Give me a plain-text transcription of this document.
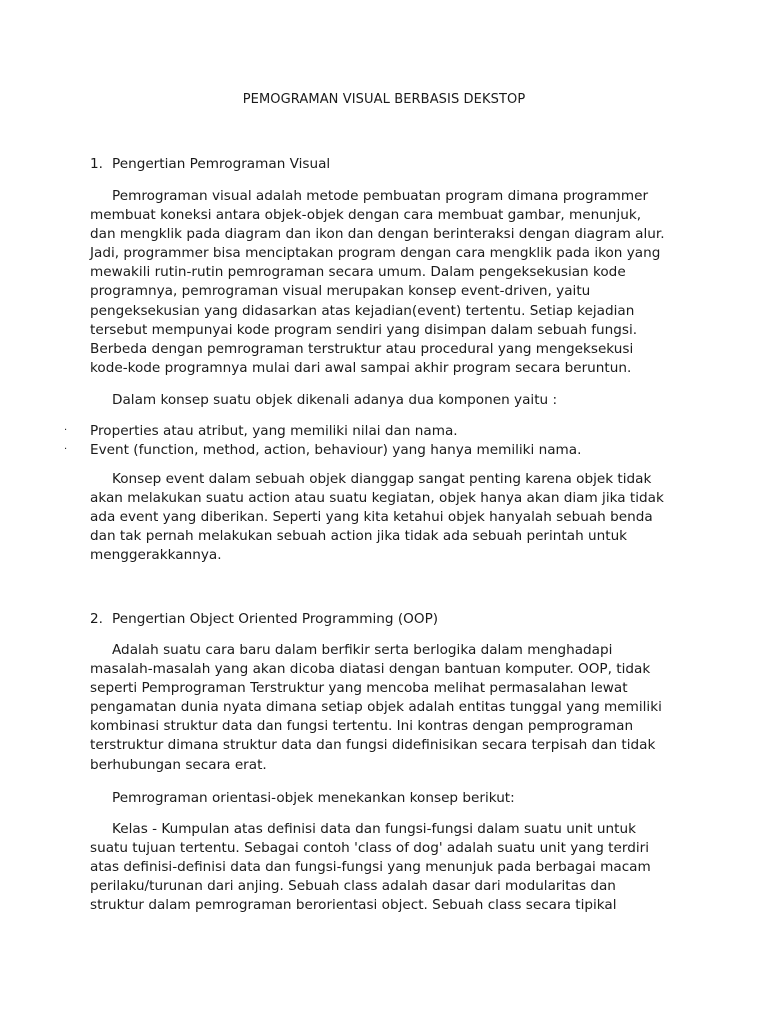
PEMOGRAMAN VISUAL BERBASIS DEKSTOP
1. Pengertian Pemrograman Visual
Pemrograman visual adalah metode pembuatan program dimana programmer
membuat koneksi antara objek-objek dengan cara membuat gambar, menunjuk,
dan mengklik pada diagram dan ikon dan dengan berinteraksi dengan diagram alur.
Jadi, programmer bisa menciptakan program dengan cara mengklik pada ikon yang
mewakili rutin-rutin pemrograman secara umum. Dalam pengeksekusian kode
programnya, pemrograman visual merupakan konsep event-driven, yaitu
pengeksekusian yang didasarkan atas kejadian(event) tertentu. Setiap kejadian
tersebut mempunyai kode program sendiri yang disimpan dalam sebuah fungsi.
Berbeda dengan pemrograman terstruktur atau procedural yang mengeksekusi
kode-kode programnya mulai dari awal sampai akhir program secara beruntun.
Dalam konsep suatu objek dikenali adanya dua komponen yaitu :
· Properties atau atribut, yang memiliki nilai dan nama.
· Event (function, method, action, behaviour) yang hanya memiliki nama.
Konsep event dalam sebuah objek dianggap sangat penting karena objek tidak
akan melakukan suatu action atau suatu kegiatan, objek hanya akan diam jika tidak
ada event yang diberikan. Seperti yang kita ketahui objek hanyalah sebuah benda
dan tak pernah melakukan sebuah action jika tidak ada sebuah perintah untuk
menggerakkannya.
2. Pengertian Object Oriented Programming (OOP)
Adalah suatu cara baru dalam berfikir serta berlogika dalam menghadapi
masalah-masalah yang akan dicoba diatasi dengan bantuan komputer. OOP, tidak
seperti Pemprograman Terstruktur yang mencoba melihat permasalahan lewat
pengamatan dunia nyata dimana setiap objek adalah entitas tunggal yang memiliki
kombinasi struktur data dan fungsi tertentu. Ini kontras dengan pemprograman
terstruktur dimana struktur data dan fungsi didefinisikan secara terpisah dan tidak
berhubungan secara erat.
Pemrograman orientasi-objek menekankan konsep berikut:
Kelas - Kumpulan atas definisi data dan fungsi-fungsi dalam suatu unit untuk
suatu tujuan tertentu. Sebagai contoh 'class of dog' adalah suatu unit yang terdiri
atas definisi-definisi data dan fungsi-fungsi yang menunjuk pada berbagai macam
perilaku/turunan dari anjing. Sebuah class adalah dasar dari modularitas dan
struktur dalam pemrograman berorientasi object. Sebuah class secara tipikal
